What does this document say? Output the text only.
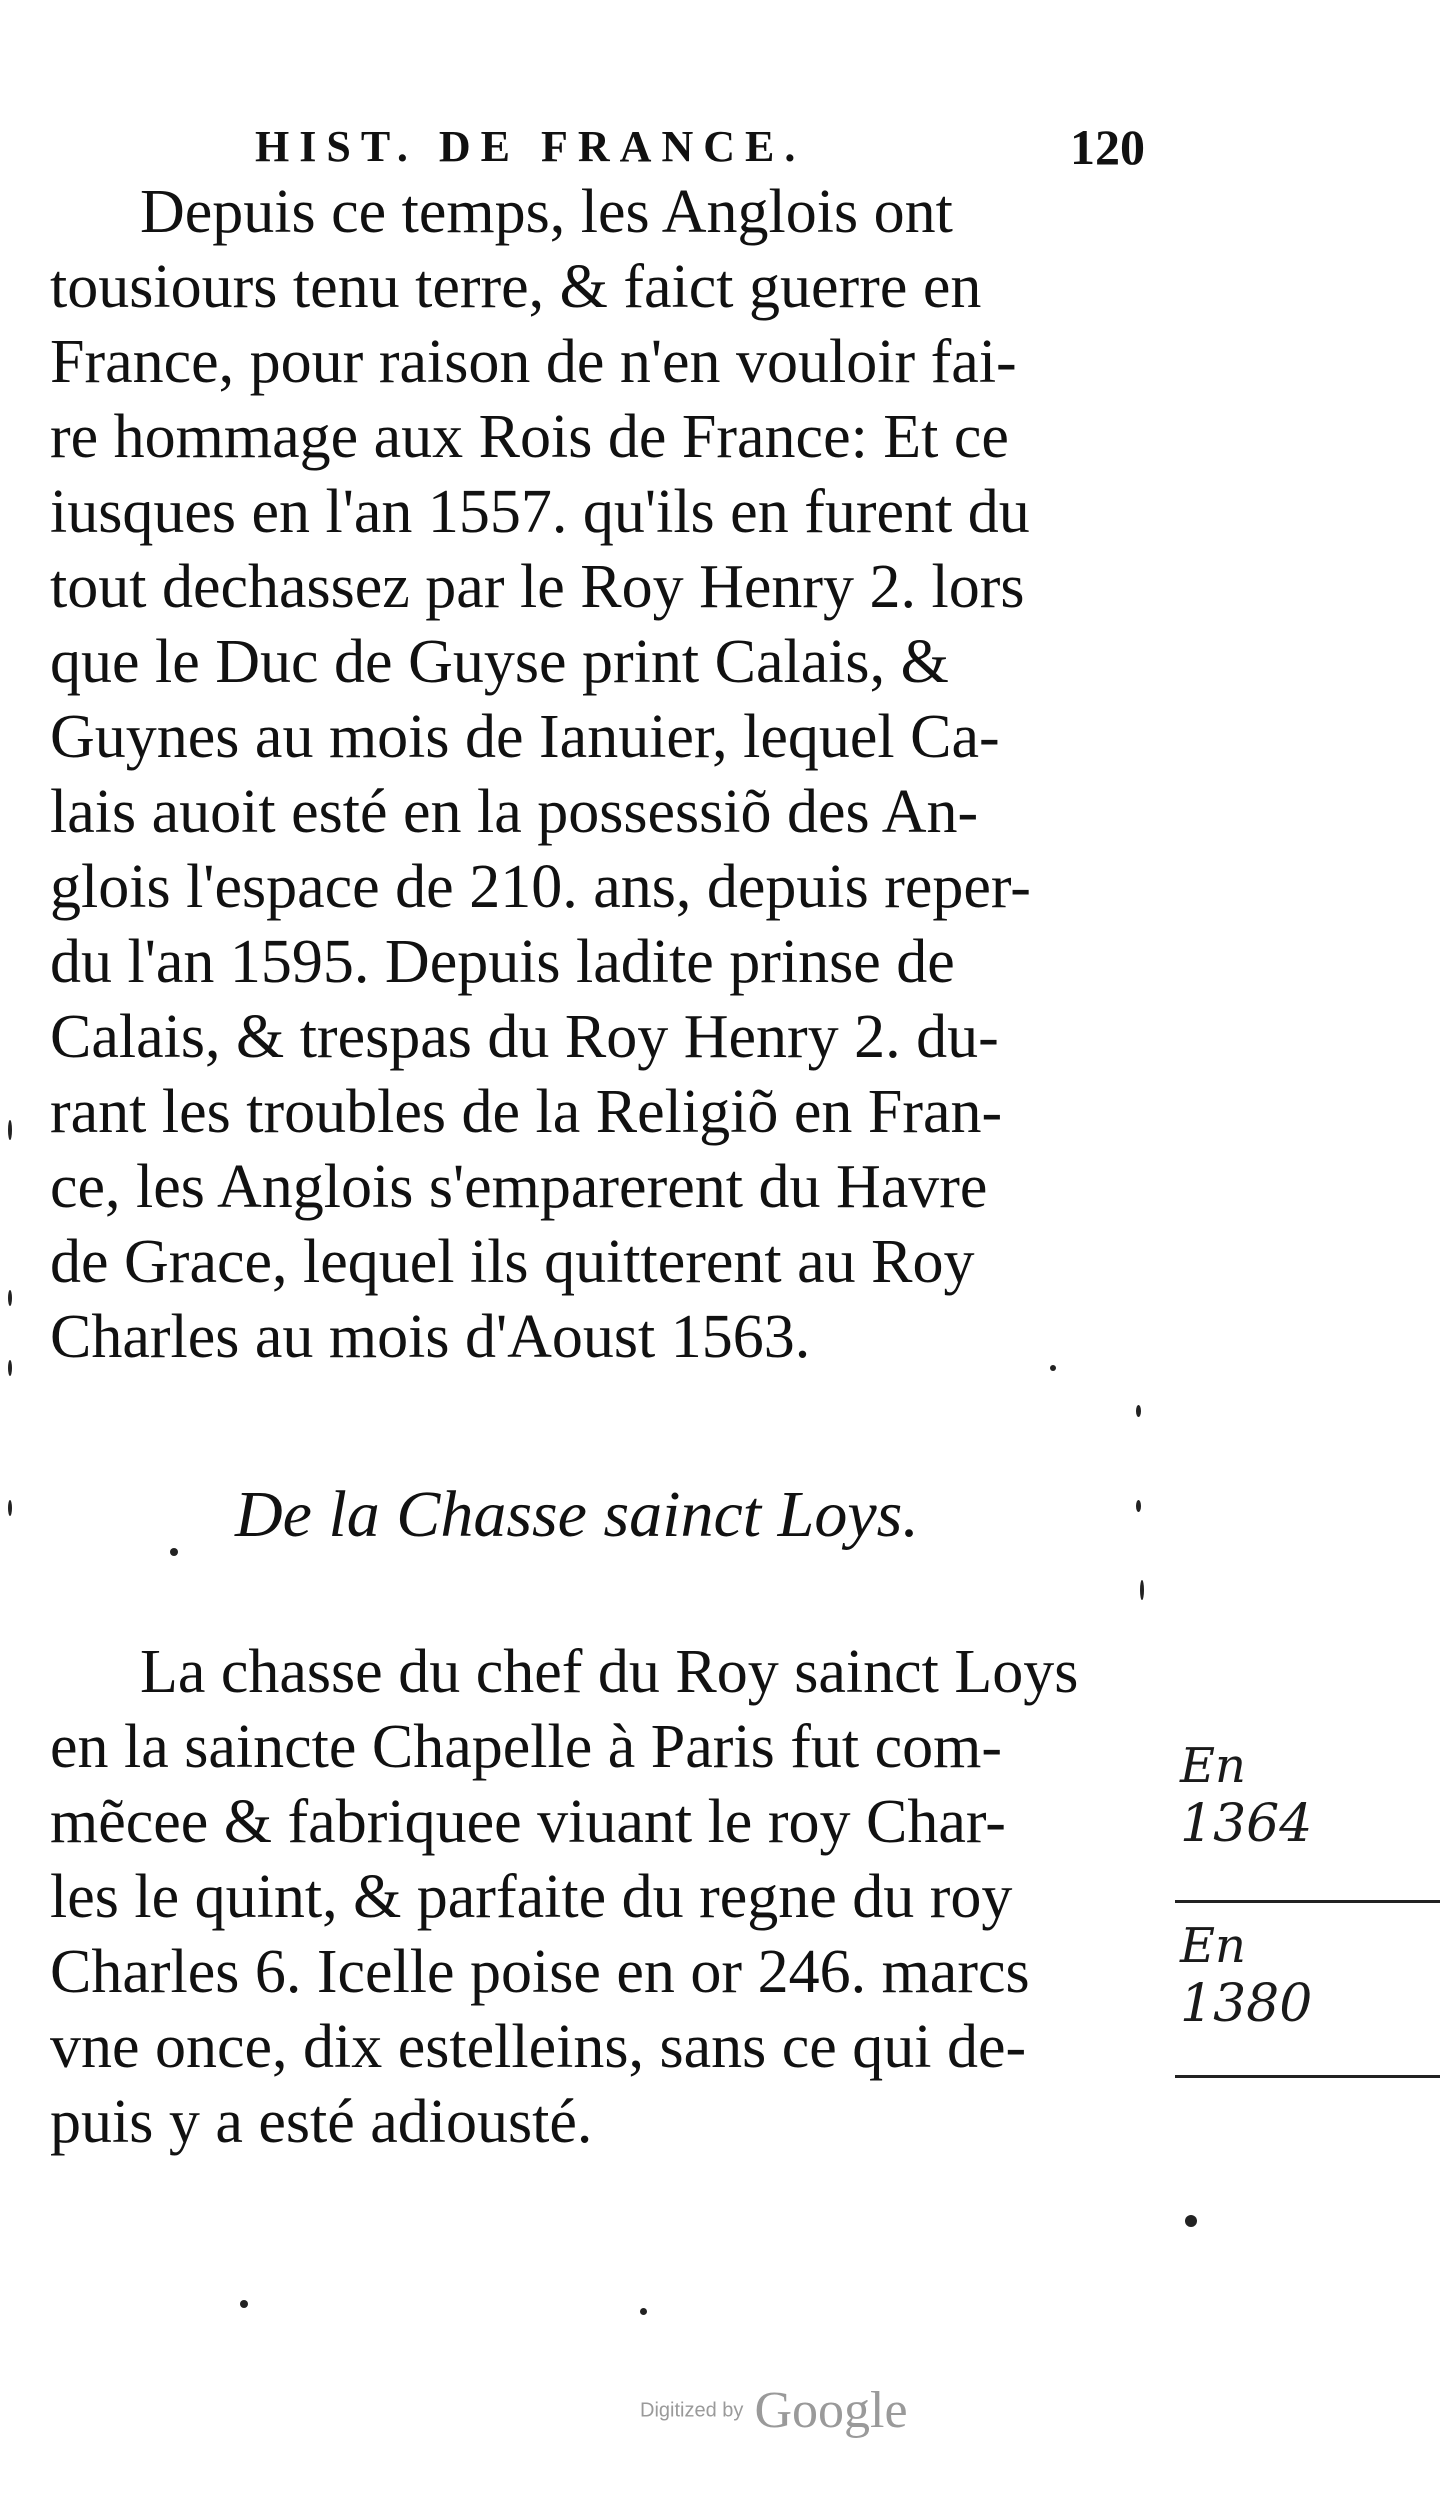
HIST. DE FRANCE.	120
Depuis ce temps, les Anglois ont
tousiours tenu terre, & faict guerre en
France, pour raison de n'en vouloir fai-
re hommage aux Rois de France: Et ce
iusques en l'an 1557. qu'ils en furent du
tout dechassez par le Roy Henry 2. lors
que le Duc de Guyse print Calais, &
Guynes au mois de Ianuier, lequel Ca-
lais auoit esté en la possessiõ des An-
glois l'espace de 210. ans, depuis reper-
du l'an 1595. Depuis ladite prinse de
Calais, & trespas du Roy Henry 2. du-
rant les troubles de la Religiõ en Fran-
ce, les Anglois s'emparerent du Havre
de Grace, lequel ils quitterent au Roy
Charles au mois d'Aoust 1563.
De la Chasse sainct Loys.
La chasse du chef du Roy sainct Loys
en la saincte Chapelle à Paris fut com-
mẽcee & fabriquee viuant le roy Char-
les le quint, & parfaite du regne du roy
Charles 6. Icelle poise en or 246. marcs
vne once, dix estelleins, sans ce qui de-
puis y a esté adiousté.
En
1364
En
1380
Digitized by Google
